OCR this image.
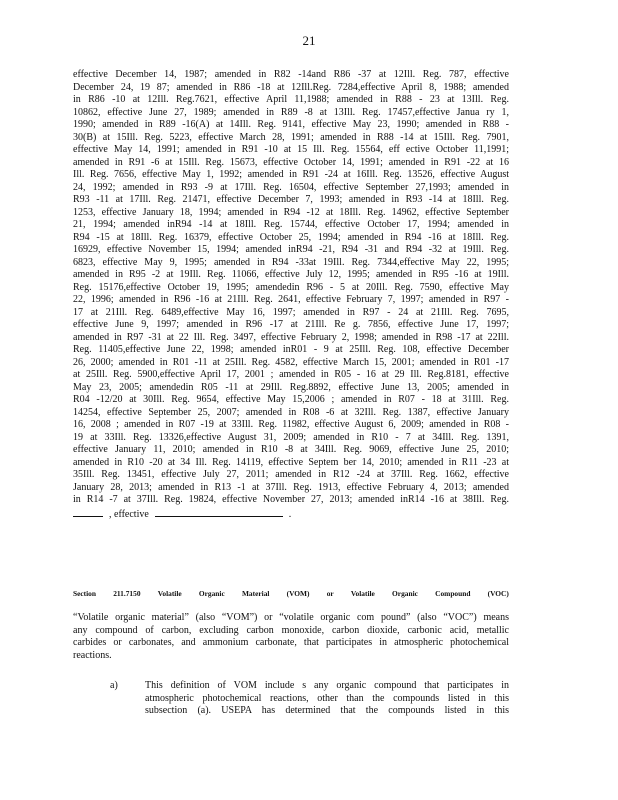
21
effective December 14, 1987; amended in R82 -14and R86 -37 at 12Ill. Reg. 787, effective
December 24, 19 87; amended in R86 -18 at 12Ill.Reg. 7284,effective April 8, 1988; amended
in R86 -10 at 12Ill. Reg.7621, effective April 11,1988; amended in R88 - 23 at 13Ill. Reg.
10862, effective June 27, 1989; amended in R89 -8 at 13Ill. Reg. 17457,effective Janua ry 1,
1990; amended in R89 -16(A) at 14Ill. Reg. 9141, effective May 23, 1990; amended in R88 -
30(B) at 15Ill. Reg. 5223, effective March 28, 1991; amended in R88 -14 at 15Ill. Reg. 7901,
effective May 14, 1991; amended in R91 -10 at 15 Ill. Reg. 15564, eff ective October 11,1991;
amended in R91 -6 at 15Ill. Reg. 15673, effective October 14, 1991; amended in R91 -22 at 16
Ill. Reg. 7656, effective May 1, 1992; amended in R91 -24 at 16Ill. Reg. 13526, effective August
24, 1992; amended in R93 -9 at 17Ill. Reg. 16504, effective September 27,1993; amended in
R93 -11 at 17Ill. Reg. 21471, effective December 7, 1993; amended in R93 -14 at 18Ill. Reg.
1253, effective January 18, 1994; amended in R94 -12 at 18Ill. Reg. 14962, effective September
21, 1994; amended inR94 -14 at 18Ill. Reg. 15744, effective October 17, 1994; amended in
R94 -15 at 18Ill. Reg. 16379, effective October 25, 1994; amended in R94 -16 at 18Ill. Reg.
16929, effective November 15, 1994; amended inR94 -21, R94 -31 and R94 -32 at 19Ill. Reg.
6823, effective May 9, 1995; amended in R94 -33at 19Ill. Reg. 7344,effective May 22, 1995;
amended in R95 -2 at 19Ill. Reg. 11066, effective July 12, 1995; amended in R95 -16 at 19Ill.
Reg. 15176,effective October 19, 1995; amendedin R96 - 5 at 20Ill. Reg. 7590, effective May
22, 1996; amended in R96 -16 at 21Ill. Reg. 2641, effective February 7, 1997; amended in R97 -
17 at 21Ill. Reg. 6489,effective May 16, 1997; amended in R97 - 24 at 21Ill. Reg. 7695,
effective June 9, 1997; amended in R96 -17 at 21Ill. Re g. 7856, effective June 17, 1997;
amended in R97 -31 at 22 Ill. Reg. 3497, effective February 2, 1998; amended in R98 -17 at 22Ill.
Reg. 11405,effective June 22, 1998; amended inR01 - 9 at 25Ill. Reg. 108, effective December
26, 2000; amended in R01 -11 at 25Ill. Reg. 4582, effective March 15, 2001; amended in R01 -17
at 25Ill. Reg. 5900,effective April 17, 2001 ; amended in R05 - 16 at 29 Ill. Reg.8181, effective
May 23, 2005; amendedin R05 -11 at 29Ill. Reg.8892, effective June 13, 2005; amended in
R04 -12/20 at 30Ill. Reg. 9654, effective May 15,2006 ; amended in R07 - 18 at 31Ill. Reg.
14254, effective September 25, 2007; amended in R08 -6 at 32Ill. Reg. 1387, effective January
16, 2008 ; amended in R07 -19 at 33Ill. Reg. 11982, effective August 6, 2009; amended in R08 -
19 at 33Ill. Reg. 13326,effective August 31, 2009; amended in R10 - 7 at 34Ill. Reg. 1391,
effective January 11, 2010; amended in R10 -8 at 34Ill. Reg. 9069, effective June 25, 2010;
amended in R10 -20 at 34 Ill. Reg. 14119, effective Septem ber 14, 2010; amended in R11 -23 at
35Ill. Reg. 13451, effective July 27, 2011; amended in R12 -24 at 37Ill. Reg. 1662, effective
January 28, 2013; amended in R13 -1 at 37Ill. Reg. 1913, effective February 4, 2013; amended
in R14 -7 at 37Ill. Reg. 19824, effective November 27, 2013; amended inR14 -16 at 38Ill. Reg.
, effective	.
Section 211.7150 Volatile Organic Material (VOM) or Volatile Organic Compound (VOC)
“Volatile organic material” (also “VOM”) or “volatile organic com pound” (also “VOC”) means
any compound of carbon, excluding carbon monoxide, carbon dioxide, carbonic acid, metallic
carbides or carbonates, and ammonium carbonate, that participates in atmospheric photochemical
reactions.
a)	This definition of VOM include s any organic compound that participates in
atmospheric photochemical reactions, other than the compounds listed in this
subsection (a). USEPA has determined that the compounds listed in this
